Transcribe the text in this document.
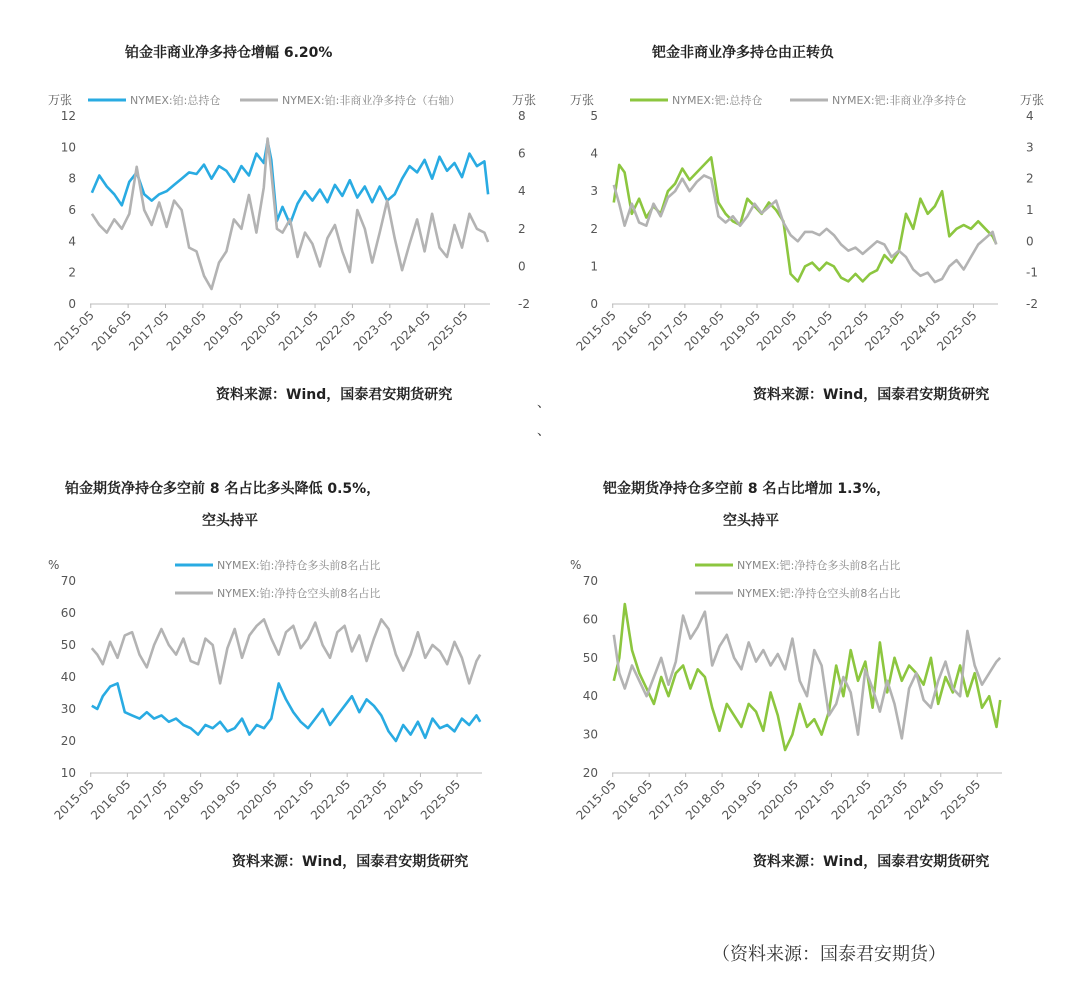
铂金非商业净多持仓增幅 6.20%	钯金非商业净多持仓由正转负
铂金期货净持仓多空前 8 名占比多头降低 0.5%，
空头持平
钯金期货净持仓多空前 8 名占比增加 1.3%，
空头持平
0
2
4
6
8
10
12
万张
-2
0
2
4
6
8
万张
2015-05
2016-05
2017-05
2018-05
2019-05
2020-05
2021-05
2022-05
2023-05
2024-05
2025-05
NYMEX:铂:总持仓	NYMEX:铂:非商业净多持仓（右轴）
0
1
2
3
4
5
万张
-2
-1
0
1
2
3
4
万张
2015-05
2016-05
2017-05
2018-05
2019-05
2020-05
2021-05
2022-05
2023-05
2024-05
2025-05
NYMEX:钯:总持仓	NYMEX:钯:非商业净多持仓
10
20
30
40
50
60
70
%
2015-05
2016-05
2017-05
2018-05
2019-05
2020-05
2021-05
2022-05
2023-05
2024-05
2025-05
NYMEX:铂:净持仓多头前8名占比
NYMEX:铂:净持仓空头前8名占比
20
30
40
50
60
70
%
2015-05
2016-05
2017-05
2018-05
2019-05
2020-05
2021-05
2022-05
2023-05
2024-05
2025-05
NYMEX:钯:净持仓多头前8名占比
NYMEX:钯:净持仓空头前8名占比
资料来源：Wind，国泰君安期货研究	资料来源：Wind，国泰君安期货研究
资料来源：Wind，国泰君安期货研究	资料来源：Wind，国泰君安期货研究
、
、
（资料来源：国泰君安期货）
